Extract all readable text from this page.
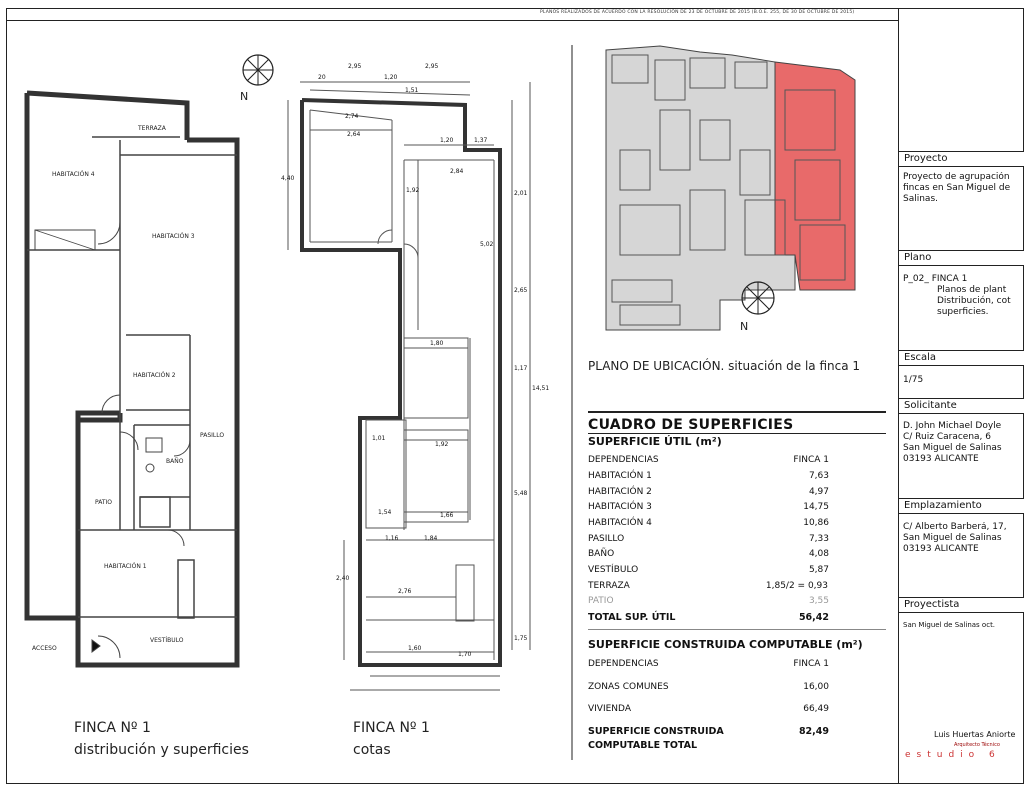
PLANOS REALIZADOS DE ACUERDO CON LA RESOLUCIÓN DE 23 DE OCTUBRE DE 2015 (B.O.E. 255, DE 30 DE OCTUBRE DE 2015)
N
TERRAZA
HABITACIÓN 4
HABITACIÓN 3
HABITACIÓN 2
PASILLO
BAÑO
PATIO
HABITACIÓN 1
VESTÍBULO
ACCESO
2,95	2,95
20	1,20
1,51
2,74
2,64
1,20	1,37
2,84
4,40
1,80
5,02
1,92	2,01
2,65
14,51
1,17
1,01
1,54
1,92
1,66
2,76
1,60
1,70
5,48
1,75
2,40
1,16	1,84
N
FINCA Nº 1
distribución y superficies
FINCA Nº 1
cotas
PLANO DE UBICACIÓN. situación de la finca 1
CUADRO DE SUPERFICIES
SUPERFICIE ÚTIL (m²)
DEPENDENCIAS	FINCA 1
HABITACIÓN 1	7,63
HABITACIÓN 2	4,97
HABITACIÓN 3	14,75
HABITACIÓN 4	10,86
PASILLO	7,33
BAÑO	4,08
VESTÍBULO	5,87
TERRAZA	1,85/2 = 0,93
PATIO	3,55
TOTAL SUP. ÚTIL	56,42
SUPERFICIE CONSTRUIDA COMPUTABLE (m²)
DEPENDENCIAS	FINCA 1
ZONAS COMUNES	16,00
VIVIENDA	66,49
SUPERFICIE CONSTRUIDA	82,49
COMPUTABLE TOTAL
Proyecto
Proyecto de agrupación
fincas en San Miguel de
Salinas.
Plano
P_02_ FINCA 1
Planos de plant
Distribución, cot
superficies.
Escala
1/75
Solicitante
D. John Michael Doyle
C/ Ruiz Caracena, 6
San Miguel de Salinas
03193 ALICANTE
Emplazamiento
C/ Alberto Barberá, 17,
San Miguel de Salinas
03193 ALICANTE
Proyectista
San Miguel de Salinas oct.
Luis Huertas Aniorte
Arquitecto Técnico
estudio 6
